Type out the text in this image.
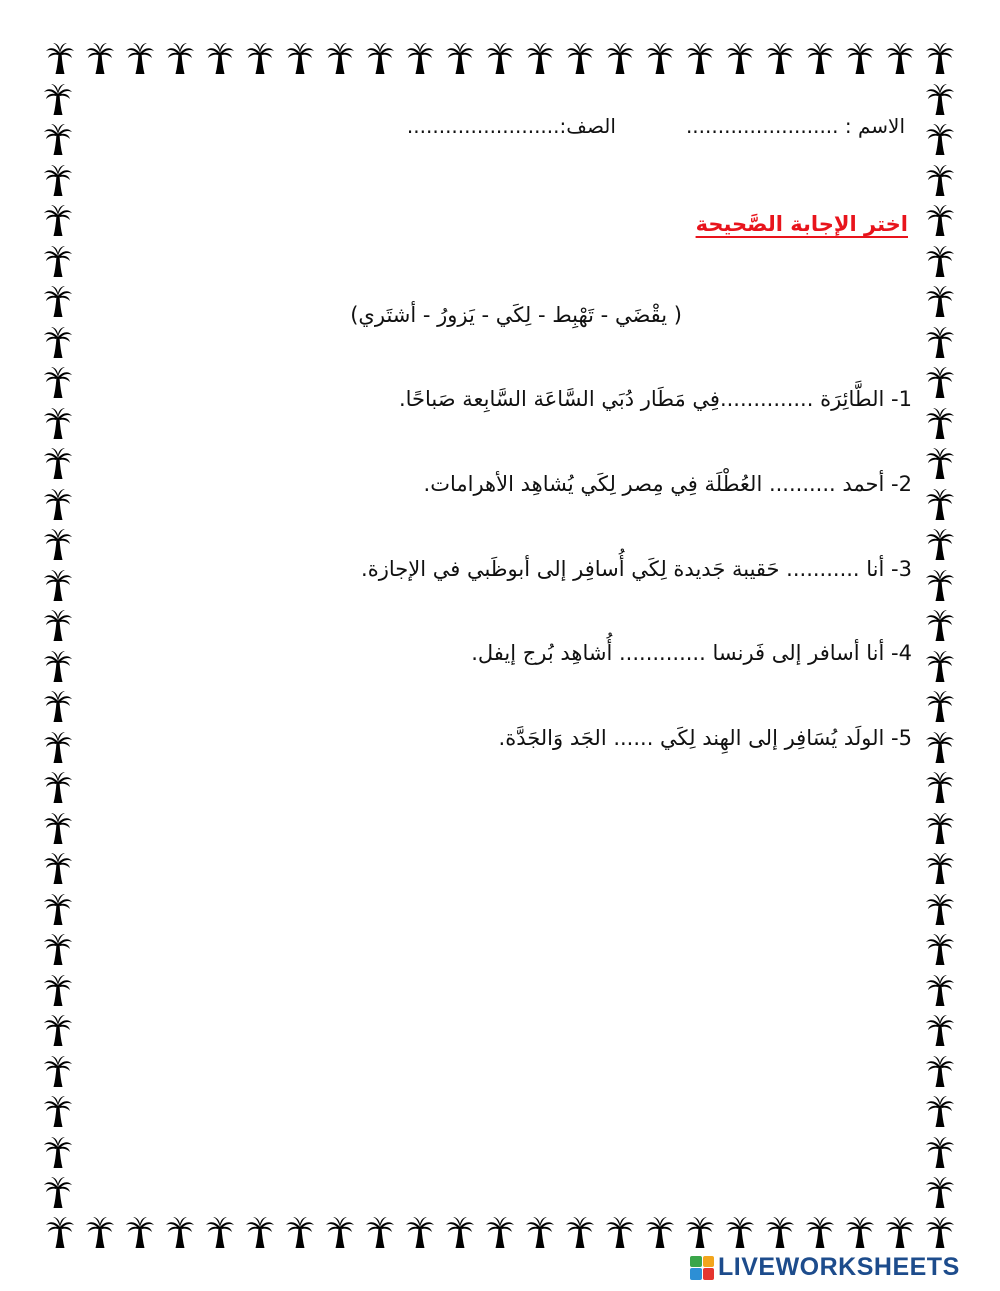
الاسم : ........................الصف:........................
اختر الإجابة الصَّحيحة
( يقْضَي - تَهْبِط - لِكَي - يَزورُ - أشتَري)
1- الطَّائِرَة ..............فِي مَطَار دُبَي السَّاعَة السَّابِعة صَباحًا.
2- أحمد .......... العُطْلَة فِي مِصر لِكَي يُشاهِد الأهرامات.
3- أنا ........... حَقيبة جَديدة لِكَي أُسافِر إلى أبوظَبي في الإجازة.
4- أنا أسافر إلى فَرنسا ............. أُشاهِد بُرج إيفل.
5- الولَد يُسَافِر إلى الهِند لِكَي ...... الجَد وَالجَدَّة.
LIVEWORKSHEETS
